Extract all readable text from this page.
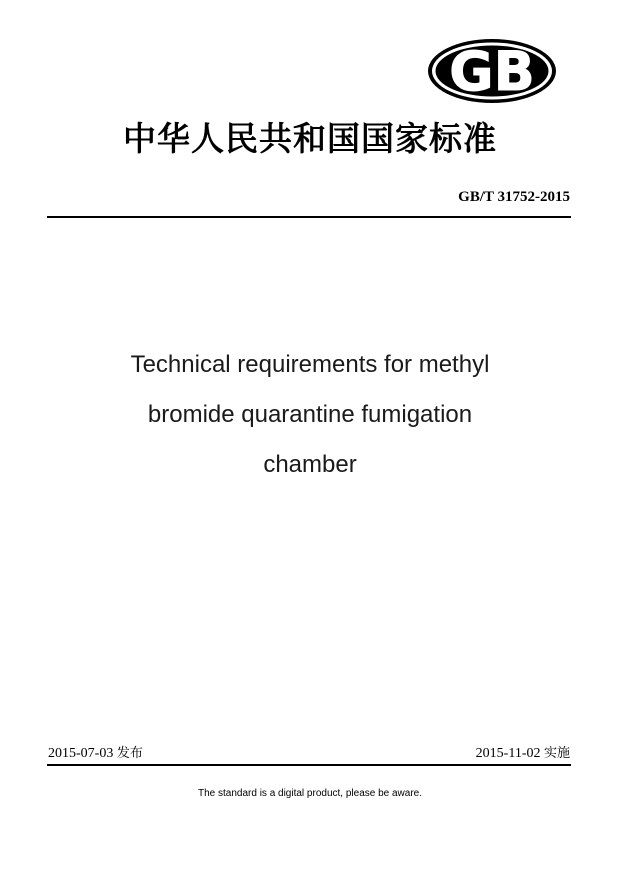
GB
中华人民共和国国家标准
GB/T 31752-2015
Technical requirements for methyl
bromide quarantine fumigation
chamber
2015-07-03 发布	2015-11-02 实施
The standard is a digital product, please be aware.
